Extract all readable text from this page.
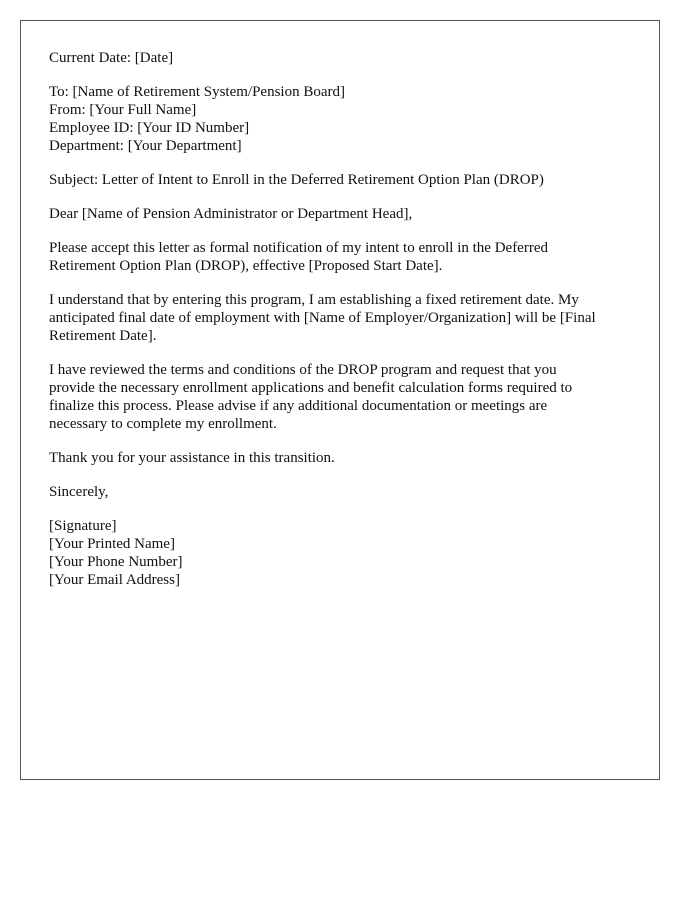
Current Date: [Date]

To: [Name of Retirement System/Pension Board]
From: [Your Full Name]
Employee ID: [Your ID Number]
Department: [Your Department]

Subject: Letter of Intent to Enroll in the Deferred Retirement Option Plan (DROP)

Dear [Name of Pension Administrator or Department Head],

Please accept this letter as formal notification of my intent to enroll in the Deferred
Retirement Option Plan (DROP), effective [Proposed Start Date].

I understand that by entering this program, I am establishing a fixed retirement date. My
anticipated final date of employment with [Name of Employer/Organization] will be [Final
Retirement Date].

I have reviewed the terms and conditions of the DROP program and request that you
provide the necessary enrollment applications and benefit calculation forms required to
finalize this process. Please advise if any additional documentation or meetings are
necessary to complete my enrollment.

Thank you for your assistance in this transition.

Sincerely,

[Signature]
[Your Printed Name]
[Your Phone Number]
[Your Email Address]
